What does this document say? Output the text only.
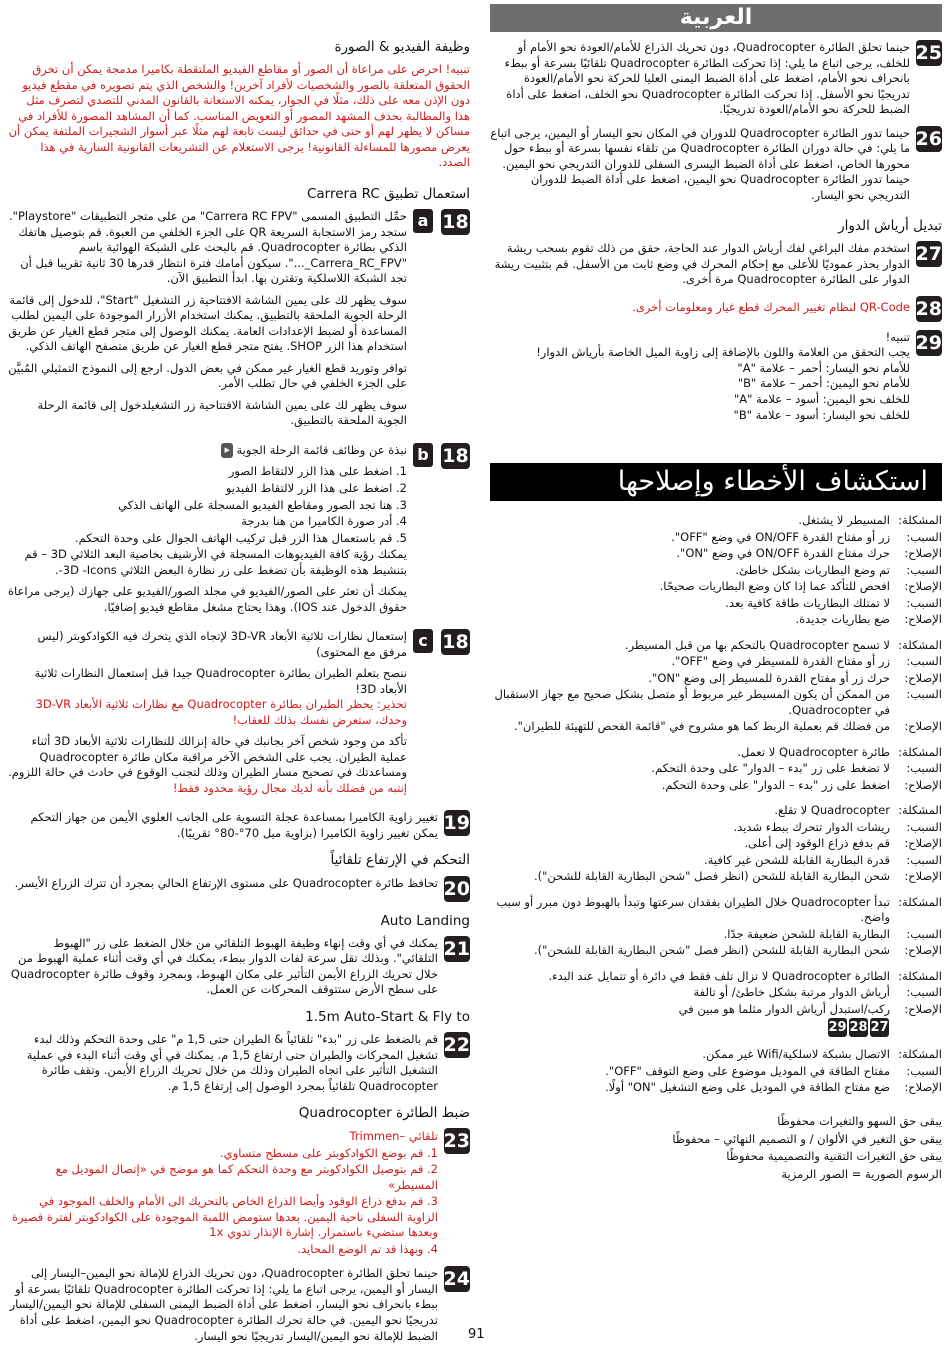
العربية
25
حينما تحلق الطائرة Quadrocopter، دون تحريك الذراع للأمام/العودة نحو الأمام أو للخلف، يرجى اتباع ما يلي: إذا تحركت الطائرة Quadrocopter تلقائيًا بسرعة أو ببطء بانحراف نحو الأمام، اضغط على أداة الضبط اليمنى العليا للحركة نحو الأمام/العودة تدريجيًا نحو الأسفل. إذا تحركت الطائرة Quadrocopter نحو الخلف، اضغط على أداة الضبط للحركة نحو الأمام/العودة تدريجيًا.
26
حينما تدور الطائرة Quadrocopter للدوران في المكان نحو اليسار أو اليمين، يرجى اتباع ما يلي: في حالة دوران الطائرة Quadrocopter من تلقاء نفسها بسرعة أو ببطء حول محورها الخاص، اضغط على أداة الضبط اليسرى السفلى للدوران التدريجي نحو اليمين. حينما تدور الطائرة Quadrocopter نحو اليمين، اضغط على أداة الضبط للدوران التدريجي نحو اليسار.
تبديل أرياش الدوار
27
استخدم مفك البراغي لفك أرياش الدوار عند الحاجة، حقق من ذلك تقوم بسحب ريشة الدوار بحذر عموديًا للأعلى مع إحكام المحرك في وضع ثابت من الأسفل. قم بتثبيت ريشة الدوار على الطائرة Quadrocopter مرة أخرى.
28
QR-Code لنظام تغيير المحرك قطع غيار ومعلومات أخرى.
29
تنبيه!
يجب التحقق من العلامة واللون بالإضافة إلى زاوية الميل الخاصة بأرياش الدوار!
للأمام نحو اليسار: أحمر – علامة "A"
للأمام نحو اليمين: أحمر – علامة "B"
للخلف نحو اليمين: أسود – علامة "A"
للخلف نحو اليسار: أسود – علامة "B"
استكشاف الأخطاء وإصلاحها
المشكلة:
المسيطر لا يشتغل.
السبب:
زر أو مفتاح القدرة ON/OFF في وضع "OFF".
الإصلاح:
حرك مفتاح القدرة ON/OFF في وضع "ON".
السبب:
تم وضع البطاريات بشكل خاطئ.
الإصلاح:
افحص للتأكد عما إذا كان وضع البطاريات صحيحًا.
السبب:
لا تمتلك البطاريات طاقة كافية بعد.
الإصلاح:
ضع بطاريات جديدة.
المشكلة:
لا تسمح Quadrocopter بالتحكم بها من قبل المسيطر.
السبب:
زر أو مفتاح القدرة للمسيطر في وضع "OFF".
الإصلاح:
حرك زر أو مفتاح القدرة للمسيطر إلى وضع "ON".
السبب:
من الممكن أن يكون المسيطر غير مربوط أو متصل بشكل صحيح مع جهاز الاستقبال في Quadrocopter.
الإصلاح:
من فضلك قم بعملية الربط كما هو مشروح في "قائمة الفحص للتهيئة للطيران".
المشكلة:
طائرة Quadrocopter لا تعمل.
السبب:
لا تضغط على زر "بدء – الدوار" على وحدة التحكم.
الإصلاح:
اضغط على زر "بدء – الدوار" على وحدة التحكم.
المشكلة:
Quadrocopter لا تقلع.
السبب:
ريشات الدوار تتحرك ببطء شديد.
الإصلاح:
قم بدفع ذراع الوقود إلى أعلى.
السبب:
قدرة البطارية القابلة للشحن غير كافية.
الإصلاح:
شحن البطارية القابلة للشحن (انظر فصل "شحن البطارية القابلة للشحن").
المشكلة:
تبدأ Quadrocopter خلال الطيران بفقدان سرعتها وتبدأ بالهبوط دون مبرر أو سبب واضح.
السبب:
البطارية القابلة للشحن ضعيفة جدًا.
الإصلاح:
شحن البطارية القابلة للشحن (انظر فصل "شحن البطارية القابلة للشحن").
المشكلة:
الطائرة Quadrocopter لا تزال تلف فقط في دائرة أو تتمايل عند البدء.
السبب:
أرياش الدوار مرتبة بشكل خاطئ/ أو تالفة
الإصلاح:
ركب/استبدل أرياش الدوار مثلما هو مبين في
272829
المشكلة:
الاتصال بشبكة لاسلكية/Wifi غير ممكن.
السبب:
مفتاح الطاقة في الموديل موضوع على وضع التوقف "OFF".
الإصلاح:
ضع مفتاح الطاقة في الموديل على وضع التشغيل "ON" أولًا.
يبقى حق السهو والتغيرات محفوظًا
يبقى حق التغير في الألوان / و التصميم النهائي – محفوظًا
يبقى حق التغيرات التقنية والتصميمية محفوظًا
الرسوم الصورية = الصور الرمزية
وظيفة الفيديو & الصورة
تنبيه! احرص على مراعاة أن الصور أو مقاطع الفيديو الملتقطة بكاميرا مدمجة يمكن أن تخرق الحقوق المتعلقة بالصور والشخصيات لأفراد آخرين! والشخص الذي يتم تصويره في مقطع فيديو دون الإذن معه على ذلك، مثلًا في الجوار، يمكنه الاستعانة بالقانون المدني للتصدي لتصرف مثل هذا والمطالبة بحذف المشهد المصور أو التعويض المناسب. كما أن المشاهد المصورة للأفراد في مساكن لا يظهر لهم أو حتى في حدائق ليست تابعة لهم مثلًا عبر أسوار الشجيرات الملتفة يمكن أن يعرض مصورها للمساءلة القانونية! يرجى الاستعلام عن التشريعات القانونية السارية في هذا الصدد.
استعمال تطبيق Carrera RC
18
a

حمِّل التطبيق المسمى "Carrera RC FPV" من على متجر التطبيقات "Playstore". ستجد رمز الاستجابة السريعة QR على الجزء الخلفي من العبوة. قم بتوصيل هاتفك الذكي بطائرة Quadrocopter. قم بالبحث على الشبكة الهوائية باسم "Carrera_RC_FPV_...". سيكون أمامك فترة انتظار قدرها 30 ثانية تقريبا قبل أن تجد الشبكة اللاسلكية وتقترن بها. ابدأ التطبيق الآن.

سوف يظهر لك على يمين الشاشة الافتتاحية زر التشغيل "Start"، للدخول إلى قائمة الرحلة الجوية الملحقة بالتطبيق. يمكنك استخدام الأزرار الموجودة على اليمين لطلب المساعدة أو لضبط الإعدادات العامة. يمكنك الوصول إلى متجر قطع الغيار عن طريق استخدام هذا الزر SHOP. يفتح متجر قطع الغيار عن طريق متصفح الهاتف الذكي.

توافر وتوريد قطع الغيار غير ممكن في بعض الدول. ارجع إلى النموذج التمثيلي المُبيَّن على الجزء الخلفي في حال تطلب الأمر.

سوف يظهر لك على يمين الشاشة الافتتاحية زر التشغيلدخول إلى قائمة الرحلة الجوية الملحقة بالتطبيق.

18
b

نبذة عن وظائف قائمة الرحلة الجوية ▶

1. اضغط على هذا الزر لالتقاط الصور
2. اضغط على هذا الزر لالتقاط الفيديو
3. هنا تجد الصور ومقاطع الفيديو المسجلة على الهاتف الذكي
4. أدر صورة الكاميرا من هنا بدرجة
5. قم باستعمال هذا الزر قبل تركيب الهاتف الجوال على وحدة التحكم.

يمكنك رؤية كافة الفيديوهات المسجلة في الأرشيف بخاصية البعد الثلاثي 3D – قم بتنشيط هذه الوظيفة بأن تضغط على زر نظارة البعض الثلاثي 3D -Icons-.

يمكنك أن تعثر على الصور/الفيديو في مجلد الصور/الفيديو على جهازك (يرجى مراعاة حقوق الدخول عند IOS). وهذا يحتاج مشغل مقاطع فيديو إضافيًا.

18
c

إستعمال نظارات ثلاثية الأبعاد 3D-VR لإتجاه الذي يتحرك فيه الكوادكوبتر (ليس مرفق مع المحتوى)

ننصح بتعلم الطيران بطائرة Quadrocopter جيدا قبل إستعمال النظارات ثلاثية الأبعاد 3D!

تحذير: يحظر الطيران بطائرة Quadrocopter مع نظارات ثلاثية الأبعاد 3D-VR وحدك، ستعرض نفسك بذلك للعقاب!

تأكد من وجود شخص آخر بجانبك في حالة إنزالك للنظارات ثلاثية الأبعاد 3D أثناء عملية الطيران. يجب على الشخص الآخر مراقبة مكان طائرة Quadrocopter ومساعدتك في تصحيح مسار الطيران وذلك لتجنب الوقوع في حادث في حالة اللزوم.

إنتبه من فضلك بأنه لديك مجال رؤية محدود فقط!

19
تغيير زاوية الكاميرا بمساعدة عجلة التسوية على الجانب العلوي الأيمن من جهاز التحكم يمكن تغيير زاوية الكاميرا (بزاوية ميل 70°-80° تقريبًا).
التحكم في الإرتفاع تلقائياً
20
تحافظ طائرة Quadrocopter على مستوى الإرتفاع الحالي بمجرد أن تترك الزراع الأيسر.
Auto Landing
21
يمكنك في أي وقت إنهاء وظيفة الهبوط التلقائي من خلال الضغط على زر "الهبوط التلقائي". وبذلك تقل سرعة لفات الدوار ببطء، يمكنك في أي وقت أثناء عملية الهبوط من خلال تحريك الزراع الأيمن التأثير على مكان الهبوط، وبمجرد وقوف طائرة Quadrocopter على سطح الأرض ستتوقف المحركات عن العمل.
1.5m Auto-Start & Fly to
22
قم بالضغط على زر "بدء" تلقائياً & الطيران حتى 1,5 م" على وحدة التحكم وذلك لبدء تشغيل المحركات والطيران حتى ارتفاع 1,5 م. يمكنك في أي وقت أثناء البدء في عملية التشغيل التأثير على اتجاه الطيران وذلك من خلال تحريك الزراع الأيمن. وتقف طائرة Quadrocopter تلقائياً بمجرد الوصول إلى إرتفاع 1,5 م.
ضبط الطائرة Quadrocopter
23
تلقائي –Trimmen
1. قم بوضع الكوادكوبتر على مسطح متساوي.
2. قم بتوصيل الكوادكوبتر مع وحدة التحكم كما هو موضح في «إتصال الموديل مع المسيطر»
3. قم بدفع ذراع الوقود وأيضا الذراع الخاص بالتحريك الى الأمام والخلف الموجود في الزاوية السفلى ناحية اليمين. بعدها ستومض اللمبة الموجودة على الكوادكوبتر لفترة قصيرة وبعدها ستضيء باستمرار. إشارة الإنذار تدوي 1x
4. وبهذا قد تم الوضع المحايد.
24
حينما تحلق الطائرة Quadrocopter، دون تحريك الذراع للإمالة نحو اليمين–اليسار إلى اليسار أو اليمين، يرجى اتباع ما يلي: إذا تحركت الطائرة Quadrocopter تلقائيًا بسرعة أو ببطء بانحراف نحو اليسار، اضغط على أداة الضبط اليمنى السفلى للإمالة نحو اليمين/اليسار تدريجيًا نحو اليمين. في حالة تحرك الطائرة Quadrocopter نحو اليمين، اضغط على أداة الضبط للإمالة نحو اليمين/اليسار تدريجيًا نحو اليسار. 91
